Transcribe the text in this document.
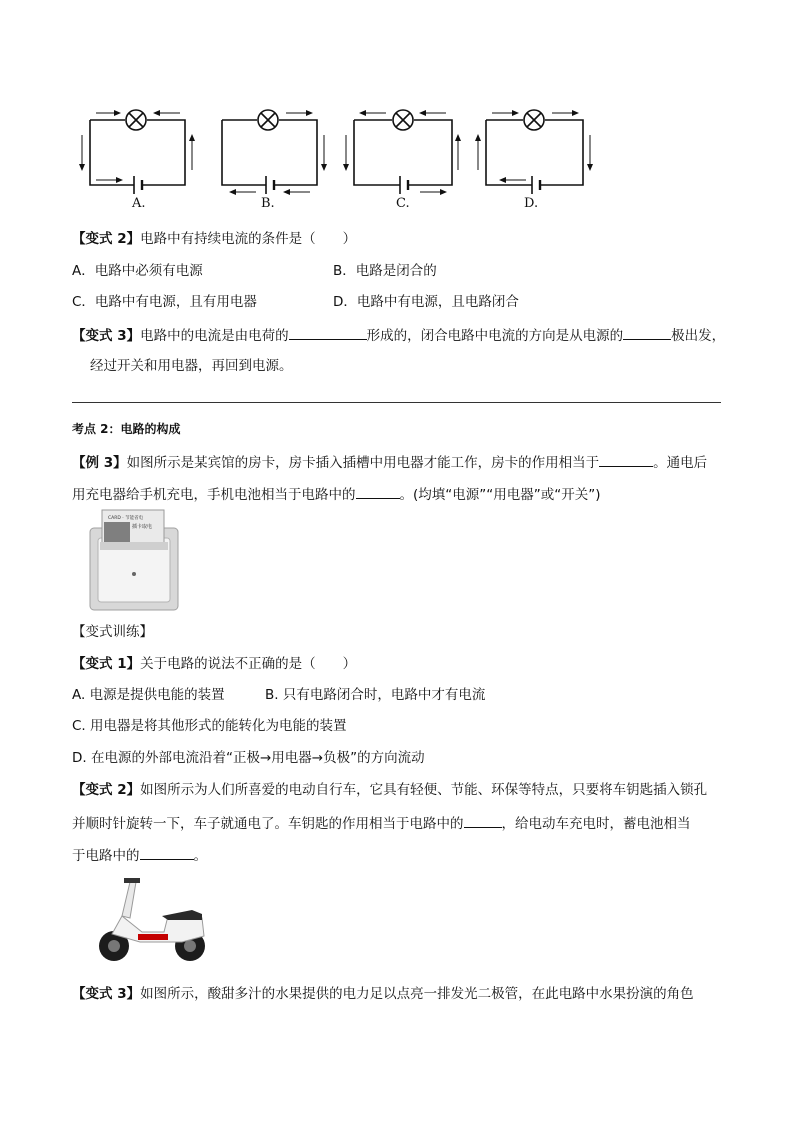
A.	B.	C.	D.
【变式 2】电路中有持续电流的条件是（　　）
A．电路中必须有电源	B．电路是闭合的
C．电路中有电源，且有用电器	D．电路中有电源，且电路闭合
【变式 3】电路中的电流是由电荷的	形成的，闭合电路中电流的方向是从电源的	极出发，
经过开关和用电器，再回到电源。
考点 2：电路的构成
【例 3】如图所示是某宾馆的房卡，房卡插入插槽中用电器才能工作，房卡的作用相当于	。通电后
用充电器给手机充电，手机电池相当于电路中的	。(均填“电源”“用电器”或“开关”)
CARD · 节能省电
插卡取电
【变式训练】
【变式 1】关于电路的说法不正确的是（　　）
A. 电源是提供电能的装置	B. 只有电路闭合时，电路中才有电流
C. 用电器是将其他形式的能转化为电能的装置
D. 在电源的外部电流沿着“正极→用电器→负极”的方向流动
【变式 2】如图所示为人们所喜爱的电动自行车，它具有轻便、节能、环保等特点，只要将车钥匙插入锁孔
并顺时针旋转一下，车子就通电了。车钥匙的作用相当于电路中的	，给电动车充电时，蓄电池相当
于电路中的	。
【变式 3】如图所示，酸甜多汁的水果提供的电力足以点亮一排发光二极管，在此电路中水果扮演的角色
